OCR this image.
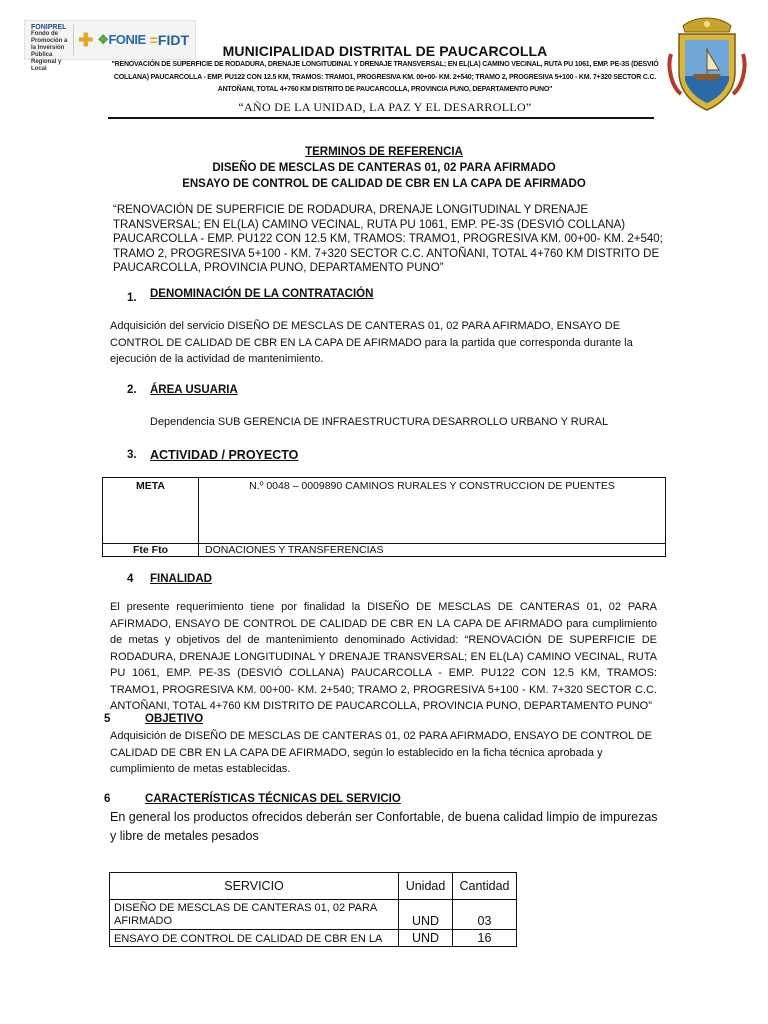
FONIPREL
Fondo de Promoción a la Inversión Pública Regional y Local
✚ ❖FONIE =FIDT
MUNICIPALIDAD DISTRITAL DE PAUCARCOLLA
"RENOVACIÓN DE SUPERFICIE DE RODADURA, DRENAJE LONGITUDINAL Y DRENAJE TRANSVERSAL; EN EL(LA) CAMINO VECINAL, RUTA PU 1061, EMP. PE-3S (DESVIÓ COLLANA) PAUCARCOLLA - EMP. PU122 CON 12.5 KM, TRAMOS: TRAMO1, PROGRESIVA KM. 00+00- KM. 2+540; TRAMO 2, PROGRESIVA 5+100 - KM. 7+320 SECTOR C.C. ANTOÑANI, TOTAL 4+760 KM DISTRITO DE PAUCARCOLLA, PROVINCIA PUNO, DEPARTAMENTO PUNO"
“AÑO DE LA UNIDAD, LA PAZ Y EL DESARROLLO”
TERMINOS DE REFERENCIA
DISEÑO DE MESCLAS DE CANTERAS 01, 02 PARA AFIRMADO
ENSAYO DE CONTROL DE CALIDAD DE CBR EN LA CAPA DE AFIRMADO
“RENOVACIÓN DE SUPERFICIE DE RODADURA, DRENAJE LONGITUDINAL Y DRENAJE TRANSVERSAL; EN EL(LA) CAMINO VECINAL, RUTA PU 1061, EMP. PE-3S (DESVIÓ COLLANA) PAUCARCOLLA - EMP. PU122 CON 12.5 KM, TRAMOS: TRAMO1, PROGRESIVA KM. 00+00- KM. 2+540; TRAMO 2, PROGRESIVA 5+100 - KM. 7+320 SECTOR C.C. ANTOÑANI, TOTAL 4+760 KM DISTRITO DE PAUCARCOLLA, PROVINCIA PUNO, DEPARTAMENTO PUNO”
1. DENOMINACIÓN DE LA CONTRATACIÓN
Adquisición del servicio DISEÑO DE MESCLAS DE CANTERAS 01, 02 PARA AFIRMADO, ENSAYO DE CONTROL DE CALIDAD DE CBR EN LA CAPA DE AFIRMADO para la partida que corresponda durante la ejecución de la actividad de mantenimiento.
2. ÁREA USUARIA
Dependencia SUB GERENCIA DE INFRAESTRUCTURA DESARROLLO URBANO Y RURAL
3. ACTIVIDAD / PROYECTO
META	N.º 0048 – 0009890 CAMINOS RURALES Y CONSTRUCCION DE PUENTES
Fte Fto	DONACIONES Y TRANSFERENCIAS
4 FINALIDAD
El presente requerimiento tiene por finalidad la DISEÑO DE MESCLAS DE CANTERAS 01, 02 PARA AFIRMADO, ENSAYO DE CONTROL DE CALIDAD DE CBR EN LA CAPA DE AFIRMADO para cumplimiento de metas y objetivos del de mantenimiento denominado Actividad: “RENOVACIÓN DE SUPERFICIE DE RODADURA, DRENAJE LONGITUDINAL Y DRENAJE TRANSVERSAL; EN EL(LA) CAMINO VECINAL, RUTA PU 1061, EMP. PE-3S (DESVIÓ COLLANA) PAUCARCOLLA - EMP. PU122 CON 12.5 KM, TRAMOS: TRAMO1, PROGRESIVA KM. 00+00- KM. 2+540; TRAMO 2, PROGRESIVA 5+100 - KM. 7+320 SECTOR C.C. ANTOÑANI, TOTAL 4+760 KM DISTRITO DE PAUCARCOLLA, PROVINCIA PUNO, DEPARTAMENTO PUNO”
5	OBJETIVO
Adquisición de DISEÑO DE MESCLAS DE CANTERAS 01, 02 PARA AFIRMADO, ENSAYO DE CONTROL DE CALIDAD DE CBR EN LA CAPA DE AFIRMADO, según lo establecido en la ficha técnica aprobada y cumplimiento de metas establecidas.
6	CARACTERÍSTICAS TÉCNICAS DEL SERVICIO
En general los productos ofrecidos deberán ser Confortable, de buena calidad limpio de impurezas y libre de metales pesados
SERVICIO	Unidad	Cantidad
DISEÑO DE MESCLAS DE CANTERAS 01, 02 PARA AFIRMADO	UND	03
ENSAYO DE CONTROL DE CALIDAD DE CBR EN LA	UND	16
